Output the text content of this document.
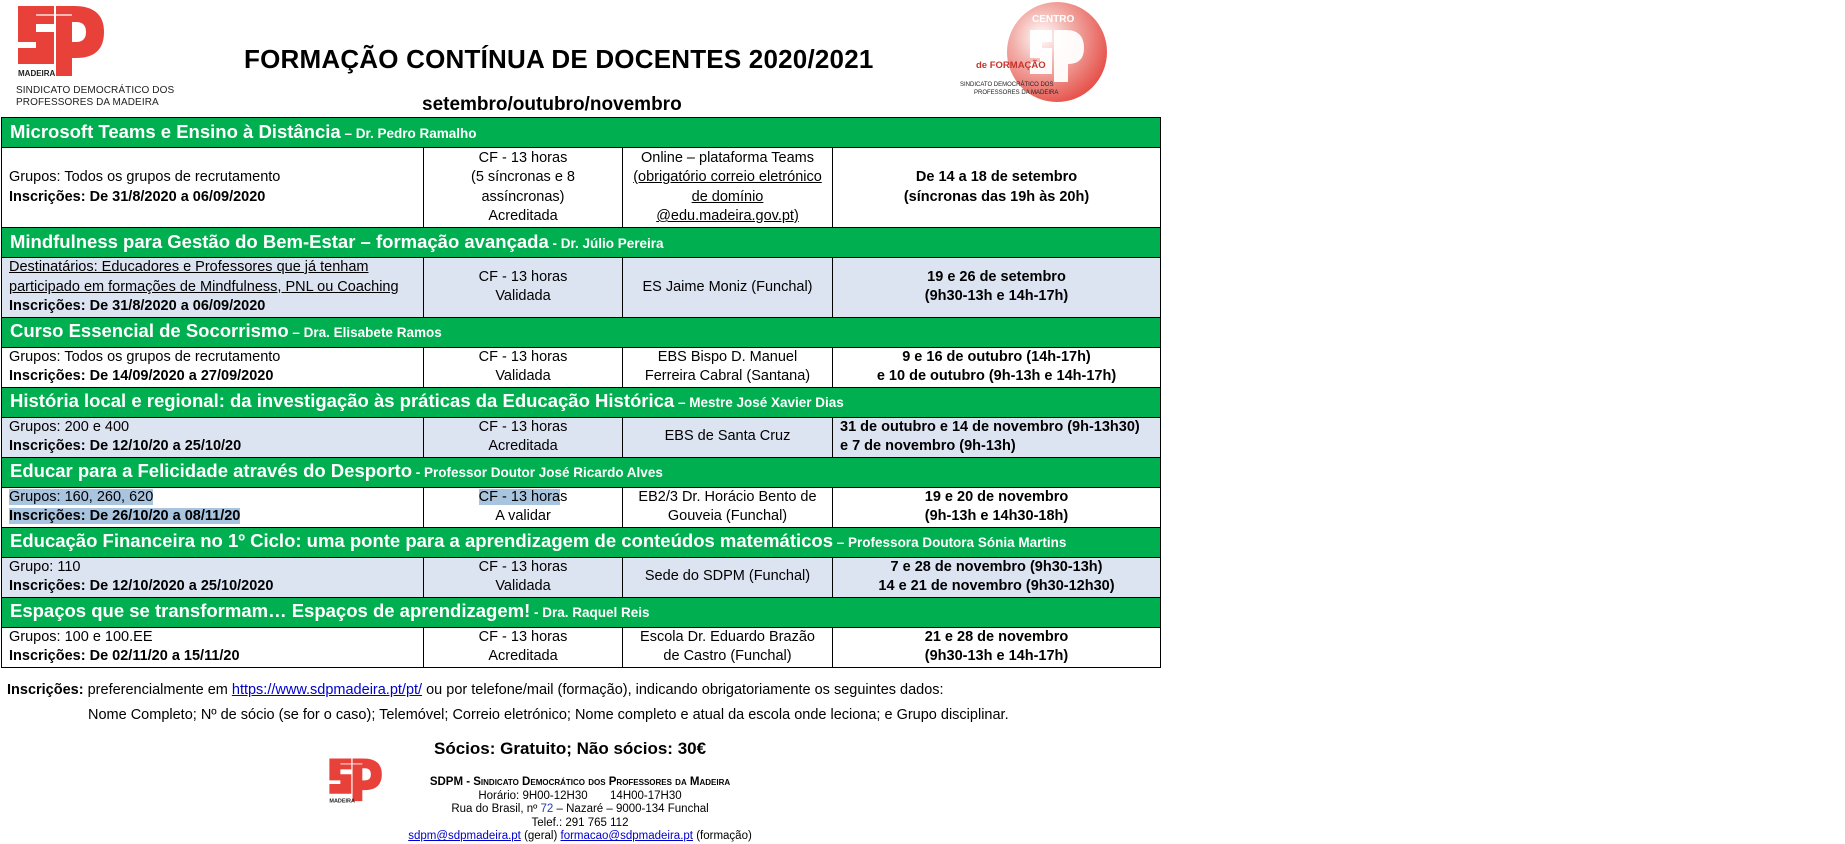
MADEIRA
SINDICATO DEMOCRÁTICO DOS
PROFESSORES DA MADEIRA
FORMAÇÃO CONTÍNUA DE DOCENTES 2020/2021
setembro/outubro/novembro
CENTRO
de FORMAÇÃO
SINDICATO DEMOCRÁTICO DOS
PROFESSORES DA MADEIRA
Microsoft Teams e Ensino à Distância – Dr. Pedro Ramalho			

Grupos: Todos os grupos de recrutamento
Inscrições: De 31/8/2020 a 06/09/2020

CF - 13 horas
(5 síncronas e 8
assíncronas)
Acreditada

Online – plataforma Teams
(obrigatório correio eletrónico
de domínio
@edu.madeira.gov.pt)

De 14 a 18 de setembro
(síncronas das 19h às 20h)

Mindfulness para Gestão do Bem-Estar – formação avançada - Dr. Júlio Pereira			

Destinatários: Educadores e Professores que já tenham
participado em formações de Mindfulness, PNL ou Coaching
Inscrições: De 31/8/2020 a 06/09/2020

CF - 13 horas
Validada

ES Jaime Moniz (Funchal)

19 e 26 de setembro
(9h30-13h e 14h-17h)

Curso Essencial de Socorrismo – Dra. Elisabete Ramos			

Grupos: Todos os grupos de recrutamento
Inscrições: De 14/09/2020 a 27/09/2020

CF - 13 horas
Validada

EBS Bispo D. Manuel
Ferreira Cabral (Santana)

9 e 16 de outubro (14h-17h)
e 10 de outubro (9h-13h e 14h-17h)

História local e regional: da investigação às práticas da Educação Histórica – Mestre José Xavier Dias			

Grupos: 200 e 400
Inscrições: De 12/10/20 a 25/10/20

CF - 13 horas
Acreditada

EBS de Santa Cruz

31 de outubro e 14 de novembro (9h-13h30)
e 7 de novembro (9h-13h)

Educar para a Felicidade através do Desporto - Professor Doutor José Ricardo Alves			

Grupos: 160, 260, 620
Inscrições: De 26/10/20 a 08/11/20

CF - 13 horas
A validar

EB2/3 Dr. Horácio Bento de
Gouveia (Funchal)

19 e 20 de novembro
(9h-13h e 14h30-18h)

Educação Financeira no 1º Ciclo: uma ponte para a aprendizagem de conteúdos matemáticos – Professora Doutora Sónia Martins			

Grupo: 110
Inscrições: De 12/10/2020 a 25/10/2020

CF - 13 horas
Validada

Sede do SDPM (Funchal)

7 e 28 de novembro (9h30-13h)
14 e 21 de novembro (9h30-12h30)

Espaços que se transformam… Espaços de aprendizagem! - Dra. Raquel Reis			

Grupos: 100 e 100.EE
Inscrições: De 02/11/20 a 15/11/20

CF - 13 horas
Acreditada

Escola Dr. Eduardo Brazão
de Castro (Funchal)

21 e 28 de novembro
(9h30-13h e 14h-17h)
Inscrições: preferencialmente em https://www.sdpmadeira.pt/pt/ ou por telefone/mail (formação), indicando obrigatoriamente os seguintes dados:
Nome Completo; Nº de sócio (se for o caso); Telemóvel; Correio eletrónico; Nome completo e atual da escola onde leciona; e Grupo disciplinar.
Sócios: Gratuito; Não sócios: 30€
MADEIRA
SDPM - Sindicato Democrático dos Professores da Madeira
Horário: 9H00-12H30 14H00-17H30
Rua do Brasil, nº 72 – Nazaré – 9000-134 Funchal
Telef.: 291 765 112
sdpm@sdpmadeira.pt (geral) formacao@sdpmadeira.pt (formação)
